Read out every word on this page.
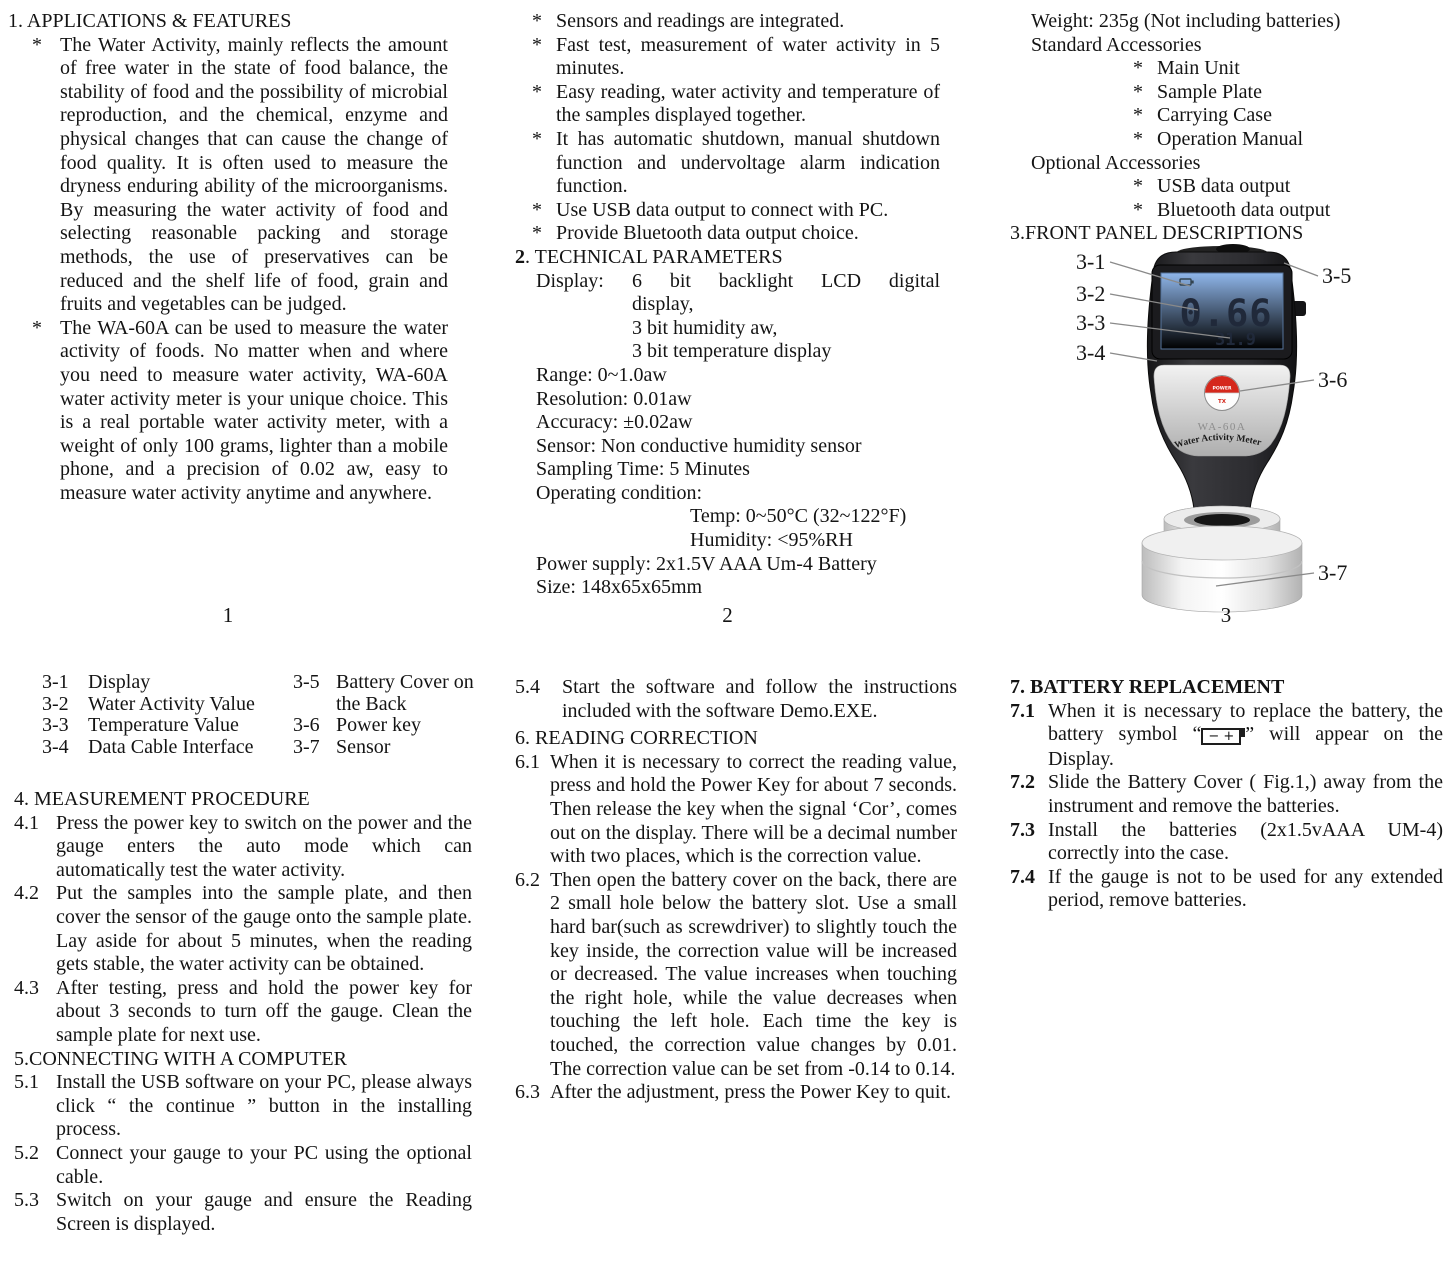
1. APPLICATIONS & FEATURES

* The Water Activity, mainly reflects the amount of free water in the state of food balance, the stability of food and the possibility of microbial reproduction, and the chemical, enzyme and physical changes that can cause the change of food quality. It is often used to measure the dryness enduring ability of the microorganisms. By measuring the water activity of food and selecting reasonable packing and storage methods, the use of preservatives can be reduced and the shelf life of food, grain and fruits and vegetables can be judged.

* The WA-60A can be used to measure the water activity of foods. No matter when and where you need to measure water activity, WA-60A water activity meter is your unique choice. This is a real portable water activity meter, with a weight of only 100 grams, lighter than a mobile phone, and a precision of 0.02 aw, easy to measure water activity anytime and anywhere.

1

* Sensors and readings are integrated.

* Fast test, measurement of water activity in 5 minutes.

* Easy reading, water activity and temperature of the samples displayed together.

* It has automatic shutdown, manual shutdown function and undervoltage alarm indication function.

* Use USB data output to connect with PC.

* Provide Bluetooth data output choice.

2. TECHNICAL PARAMETERS

Display:	6 bit backlight LCD digital
display,
3 bit humidity aw,
3 bit temperature display

Range: 0~1.0aw

Resolution: 0.01aw

Accuracy: ±0.02aw

Sensor: Non conductive humidity sensor

Sampling Time: 5 Minutes

Operating condition:

Temp: 0~50°C (32~122°F)

Humidity: <95%RH

Power supply: 2x1.5V AAA Um-4 Battery

Size: 148x65x65mm

2

Weight: 235g (Not including batteries)

Standard Accessories

* Main Unit

* Sample Plate

* Carrying Case

* Operation Manual

Optional Accessories

* USB data output

* Bluetooth data output

3.FRONT PANEL DESCRIPTIONS

0.66
31.9
POWER
TX
WA-60A
Water Activity Meter
3-1
3-2
3-3
3-4
3-5
3-6
3-7
3
3-1 Display
3-2 Water Activity Value
3-3 Temperature Value
3-4 Data Cable Interface
3-5 Battery Cover on the Back
3-6 Power key
3-7 Sensor

4. MEASUREMENT PROCEDURE

4.1 Press the power key to switch on the power and the gauge enters the auto mode which can automatically test the water activity.

4.2 Put the samples into the sample plate, and then cover the sensor of the gauge onto the sample plate. Lay aside for about 5 minutes, when the reading gets stable, the water activity can be obtained.

4.3 After testing, press and hold the power key for about 3 seconds to turn off the gauge. Clean the sample plate for next use.

5.CONNECTING WITH A COMPUTER

5.1 Install the USB software on your PC, please always click “ the continue ” button in the installing process.

5.2 Connect your gauge to your PC using the optional cable.

5.3 Switch on your gauge and ensure the Reading Screen is displayed.

5.4 Start the software and follow the instructions included with the software Demo.EXE.

6. READING CORRECTION

6.1 When it is necessary to correct the reading value, press and hold the Power Key for about 7 seconds. Then release the key when the signal ‘Cor’, comes out on the display. There will be a decimal number with two places, which is the correction value.

6.2 Then open the battery cover on the back, there are 2 small hole below the battery slot. Use a small hard bar(such as screwdriver) to slightly touch the key inside, the correction value will be increased or decreased. The value increases when touching the right hole, while the value decreases when touching the left hole. Each time the key is touched, the correction value changes by 0.01. The correction value can be set from -0.14 to 0.14.

6.3 After the adjustment, press the Power Key to quit.

7. BATTERY REPLACEMENT

7.1 When it is necessary to replace the battery, the battery symbol “ − + ” will appear on the Display.

7.2 Slide the Battery Cover ( Fig.1,) away from the instrument and remove the batteries.

7.3 Install the batteries (2x1.5vAAA UM-4) correctly into the case.

7.4 If the gauge is not to be used for any extended period, remove batteries.
